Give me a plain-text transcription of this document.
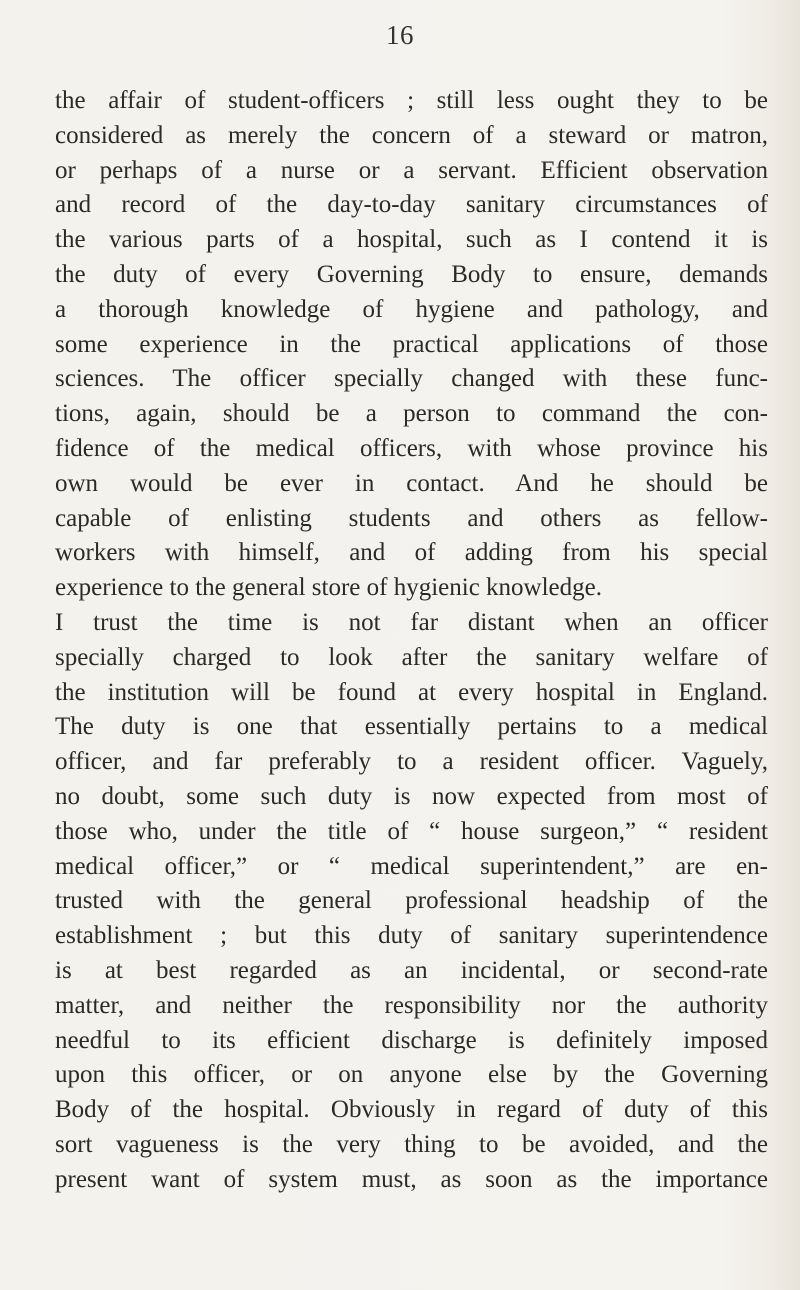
16
the affair of student-officers ; still less ought they to be
considered as merely the concern of a steward or matron,
or perhaps of a nurse or a servant. Efficient observation
and record of the day-to-day sanitary circumstances of
the various parts of a hospital, such as I contend it is
the duty of every Governing Body to ensure, demands
a thorough knowledge of hygiene and pathology, and
some experience in the practical applications of those
sciences. The officer specially changed with these func-
tions, again, should be a person to command the con-
fidence of the medical officers, with whose province his
own would be ever in contact. And he should be
capable of enlisting students and others as fellow-
workers with himself, and of adding from his special
experience to the general store of hygienic knowledge.
I trust the time is not far distant when an officer
specially charged to look after the sanitary welfare of
the institution will be found at every hospital in England.
The duty is one that essentially pertains to a medical
officer, and far preferably to a resident officer. Vaguely,
no doubt, some such duty is now expected from most of
those who, under the title of “ house surgeon,” “ resident
medical officer,” or “ medical superintendent,” are en-
trusted with the general professional headship of the
establishment ; but this duty of sanitary superintendence
is at best regarded as an incidental, or second-rate
matter, and neither the responsibility nor the authority
needful to its efficient discharge is definitely imposed
upon this officer, or on anyone else by the Governing
Body of the hospital. Obviously in regard of duty of this
sort vagueness is the very thing to be avoided, and the
present want of system must, as soon as the importance
